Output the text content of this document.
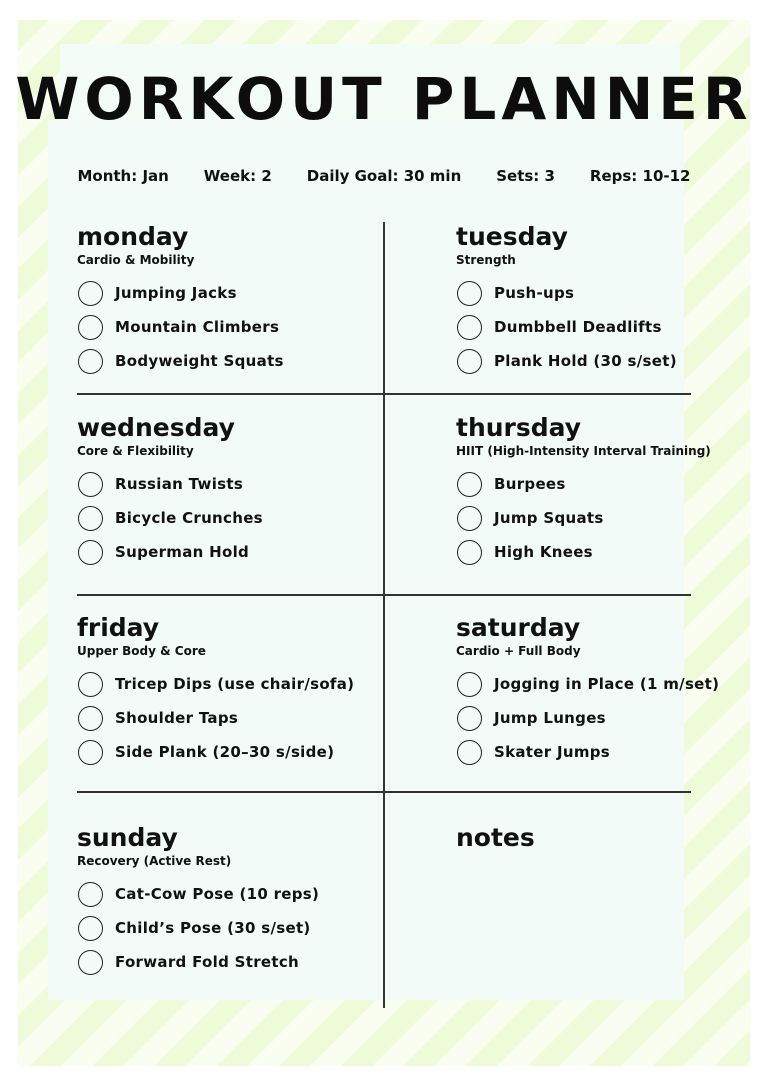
WORKOUT PLANNER
Month: Jan Week: 2 Daily Goal: 30 min Sets: 3 Reps: 10-12
monday
Cardio & Mobility
Jumping Jacks
Mountain Climbers
Bodyweight Squats
tuesday
Strength
Push-ups
Dumbbell Deadlifts
Plank Hold (30 s/set)
wednesday
Core & Flexibility
Russian Twists
Bicycle Crunches
Superman Hold
thursday
HIIT (High-Intensity Interval Training)
Burpees
Jump Squats
High Knees
friday
Upper Body & Core
Tricep Dips (use chair/sofa)
Shoulder Taps
Side Plank (20–30 s/side)
saturday
Cardio + Full Body
Jogging in Place (1 m/set)
Jump Lunges
Skater Jumps
sunday
Recovery (Active Rest)
Cat-Cow Pose (10 reps)
Child’s Pose (30 s/set)
Forward Fold Stretch
notes
